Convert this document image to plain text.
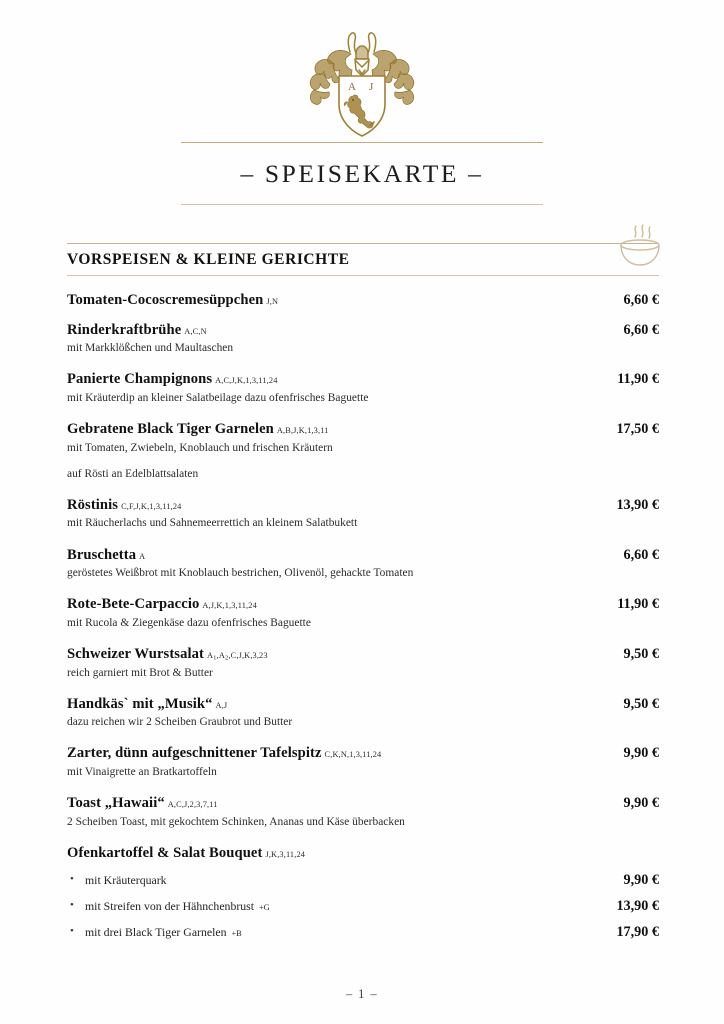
A J
– SPEISEKARTE –
VORSPEISEN & KLEINE GERICHTE
Tomaten-Cocoscremesüppchen J,N	6,60 €
Rinderkraftbrühe A,C,N	6,60 €
mit Markklößchen und Maultaschen
Panierte Champignons A,C,J,K,1,3,11,24	11,90 €
mit Kräuterdip an kleiner Salatbeilage dazu ofenfrisches Baguette
Gebratene Black Tiger Garnelen A,B,J,K,1,3,11	17,50 €
mit Tomaten, Zwiebeln, Knoblauch und frischen Kräutern
auf Rösti an Edelblattsalaten
Röstinis C,F,J,K,1,3,11,24	13,90 €
mit Räucherlachs und Sahnemeerrettich an kleinem Salatbukett
Bruschetta A	6,60 €
geröstetes Weißbrot mit Knoblauch bestrichen, Olivenöl, gehackte Tomaten
Rote-Bete-Carpaccio A,J,K,1,3,11,24	11,90 €
mit Rucola & Ziegenkäse dazu ofenfrisches Baguette
Schweizer Wurstsalat $A_1,A_2,C,J,K,3,23$	9,50 €
reich garniert mit Brot & Butter
Handkäs` mit „Musik“ A,J	9,50 €
dazu reichen wir 2 Scheiben Graubrot und Butter
Zarter, dünn aufgeschnittener Tafelspitz C,K,N,1,3,11,24	9,90 €
mit Vinaigrette an Bratkartoffeln
Toast „Hawaii“ A,C,J,2,3,7,11	9,90 €
2 Scheiben Toast, mit gekochtem Schinken, Ananas und Käse überbacken
Ofenkartoffel & Salat Bouquet J,K,3,11,24
• mit Kräuterquark	9,90 €
• mit Streifen von der Hähnchenbrust +G	13,90 €
• mit drei Black Tiger Garnelen +B	17,90 €
– 1 –
